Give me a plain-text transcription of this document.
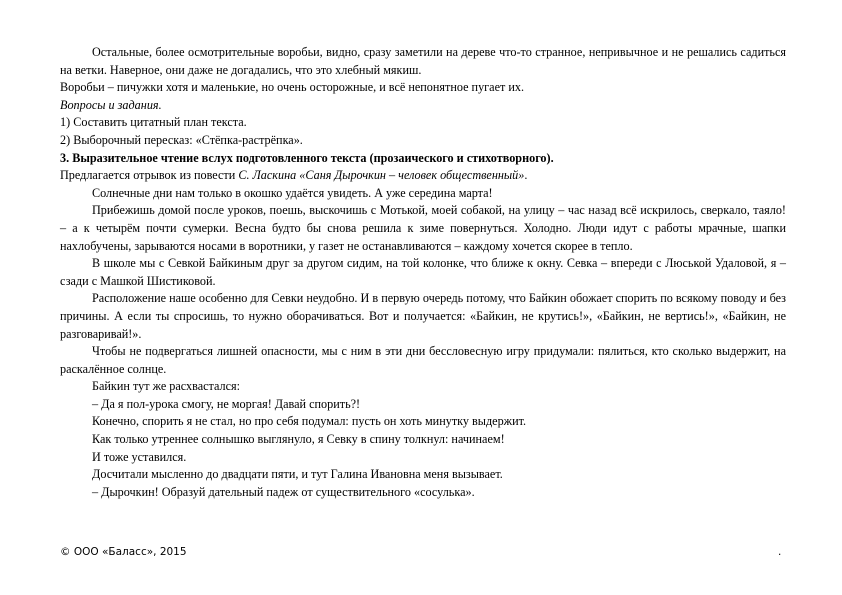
Остальные, более осмотрительные воробьи, видно, сразу заметили на дереве что-то странное, непривычное и не решались садиться на ветки. Наверное, они даже не догадались, что это хлебный мякиш.

Воробьи – пичужки хотя и маленькие, но очень осторожные, и всё непонятное пугает их.

Вопросы и задания.

1) Составить цитатный план текста.

2) Выборочный пересказ: «Стёпка-растрёпка».

3. Выразительное чтение вслух подготовленного текста (прозаического и стихотворного).

Предлагается отрывок из повести С. Ласкина «Саня Дырочкин – человек общественный».

Солнечные дни нам только в окошко удаётся увидеть. А уже середина марта!

Прибежишь домой после уроков, поешь, выскочишь с Мотькой, моей собакой, на улицу – час назад всё искрилось, сверкало, таяло! – а к четырём почти сумерки. Весна будто бы снова решила к зиме повернуться. Холодно. Люди идут с работы мрачные, шапки нахлобучены, зарываются носами в воротники, у газет не останавливаются – каждому хочется скорее в тепло.

В школе мы с Севкой Байкиным друг за другом сидим, на той колонке, что ближе к окну. Севка – впереди с Люськой Удаловой, я – сзади с Машкой Шистиковой.

Расположение наше особенно для Севки неудобно. И в первую очередь потому, что Байкин обожает спорить по всякому поводу и без причины. А если ты спросишь, то нужно оборачиваться. Вот и получается: «Байкин, не крутись!», «Байкин, не вертись!», «Байкин, не разговаривай!».

Чтобы не подвергаться лишней опасности, мы с ним в эти дни бессловесную игру придумали: пялиться, кто сколько выдержит, на раскалённое солнце.

Байкин тут же расхвастался:

– Да я пол-урока смогу, не моргая! Давай спорить?!

Конечно, спорить я не стал, но про себя подумал: пусть он хоть минутку выдержит.

Как только утреннее солнышко выглянуло, я Севку в спину толкнул: начинаем!

И тоже уставился.

Досчитали мысленно до двадцати пяти, и тут Галина Ивановна меня вызывает.

– Дырочкин! Образуй дательный падеж от существительного «сосулька».

© ООО «Баласс», 2015	.
